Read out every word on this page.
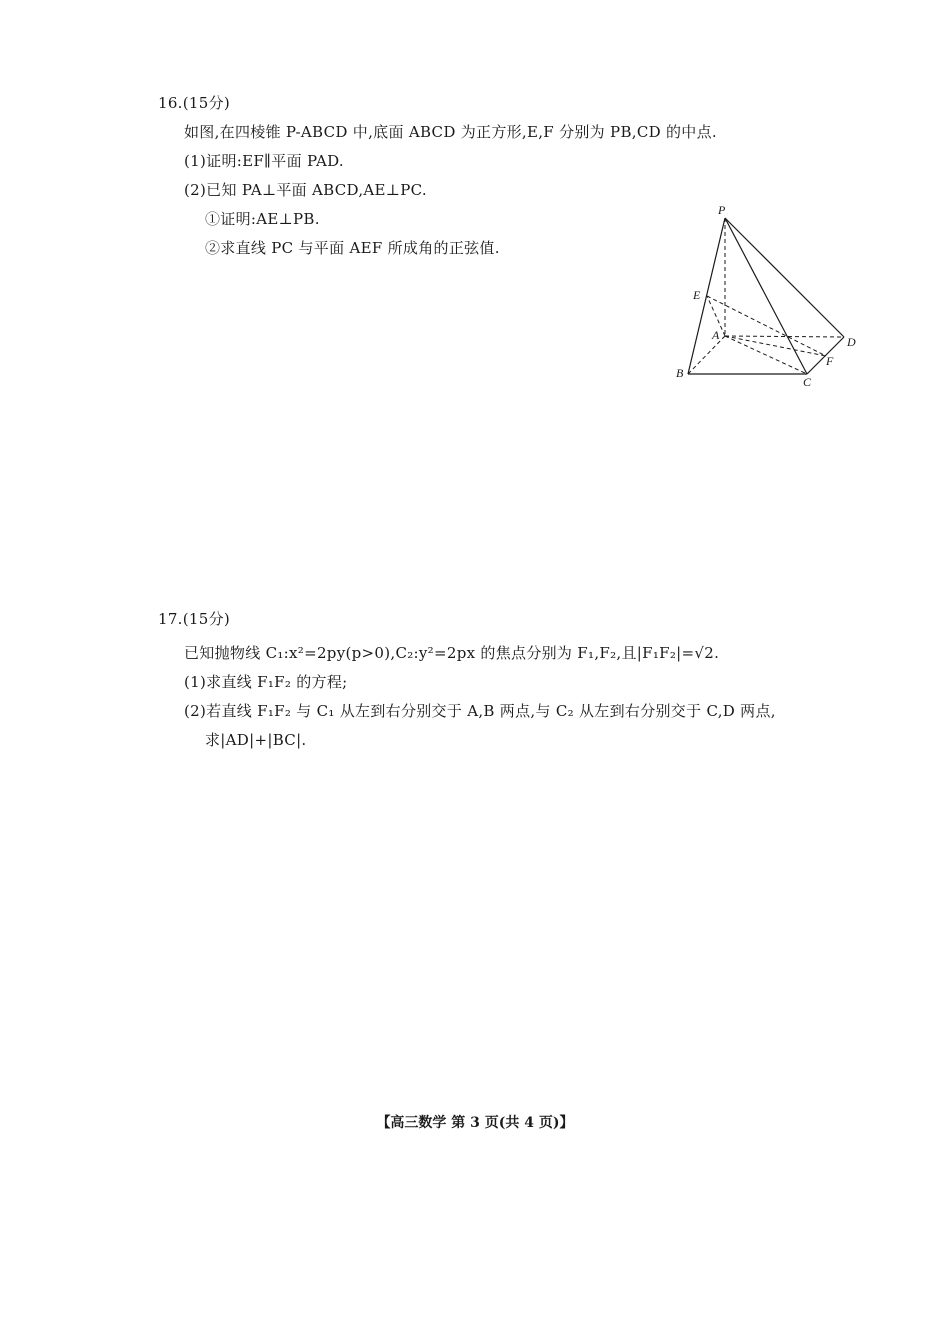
16.(15分)
如图,在四棱锥 P-ABCD 中,底面 ABCD 为正方形,E,F 分别为 PB,CD 的中点.
(1)证明:EF∥平面 PAD.
(2)已知 PA⊥平面 ABCD,AE⊥PC.
①证明:AE⊥PB.
②求直线 PC 与平面 AEF 所成角的正弦值.
P
E
A	D
F
B
C
17.(15分)
已知抛物线 C₁:x²=2py(p>0),C₂:y²=2px 的焦点分别为 F₁,F₂,且|F₁F₂|=√2.
(1)求直线 F₁F₂ 的方程;
(2)若直线 F₁F₂ 与 C₁ 从左到右分别交于 A,B 两点,与 C₂ 从左到右分别交于 C,D 两点,
求|AD|+|BC|.
【高三数学 第 3 页(共 4 页)】
